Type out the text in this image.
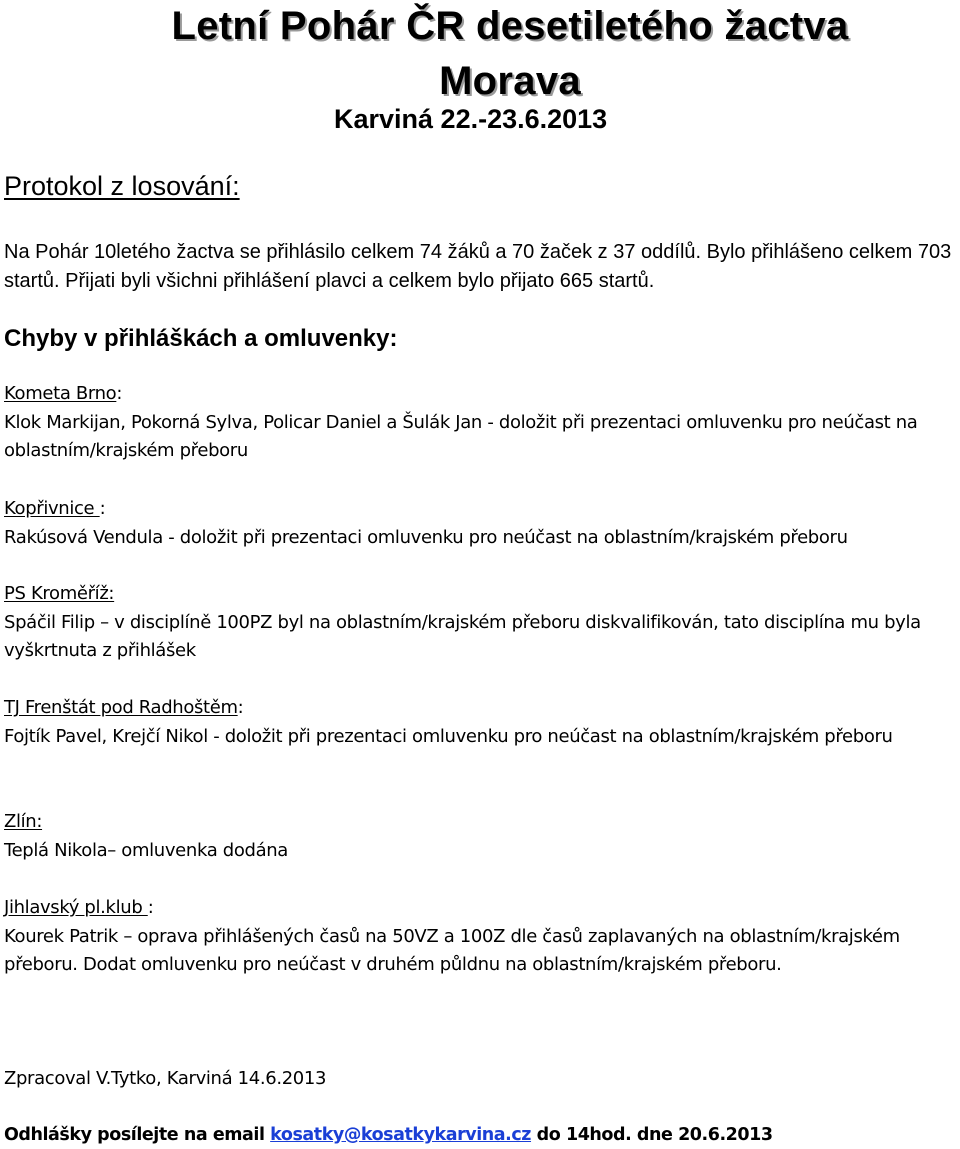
Letní Pohár ČR desetiletého žactva
Morava
Karviná 22.-23.6.2013
Protokol z losování:
Na Pohár 10letého žactva se přihlásilo celkem 74 žáků a 70 žaček z 37 oddílů. Bylo přihlášeno celkem 703 startů. Přijati byli všichni přihlášení plavci a celkem bylo přijato 665 startů.
Chyby v přihláškách a omluvenky:
Kometa Brno:
Klok Markijan, Pokorná Sylva, Policar Daniel a Šulák Jan - doložit při prezentaci omluvenku pro neúčast na oblastním/krajském přeboru
Kopřivnice :
Rakúsová Vendula - doložit při prezentaci omluvenku pro neúčast na oblastním/krajském přeboru
PS Kroměříž:
Spáčil Filip – v disciplíně 100PZ byl na oblastním/krajském přeboru diskvalifikován, tato disciplína mu byla vyškrtnuta z přihlášek
TJ Frenštát pod Radhoštěm:
Fojtík Pavel, Krejčí Nikol - doložit při prezentaci omluvenku pro neúčast na oblastním/krajském přeboru
Zlín:
Teplá Nikola– omluvenka dodána
Jihlavský pl.klub :
Kourek Patrik – oprava přihlášených časů na 50VZ a 100Z dle časů zaplavaných na oblastním/krajském přeboru. Dodat omluvenku pro neúčast v druhém půldnu na oblastním/krajském přeboru.
Zpracoval V.Tytko, Karviná 14.6.2013
Odhlášky posílejte na email kosatky@kosatkykarvina.cz do 14hod. dne 20.6.2013
